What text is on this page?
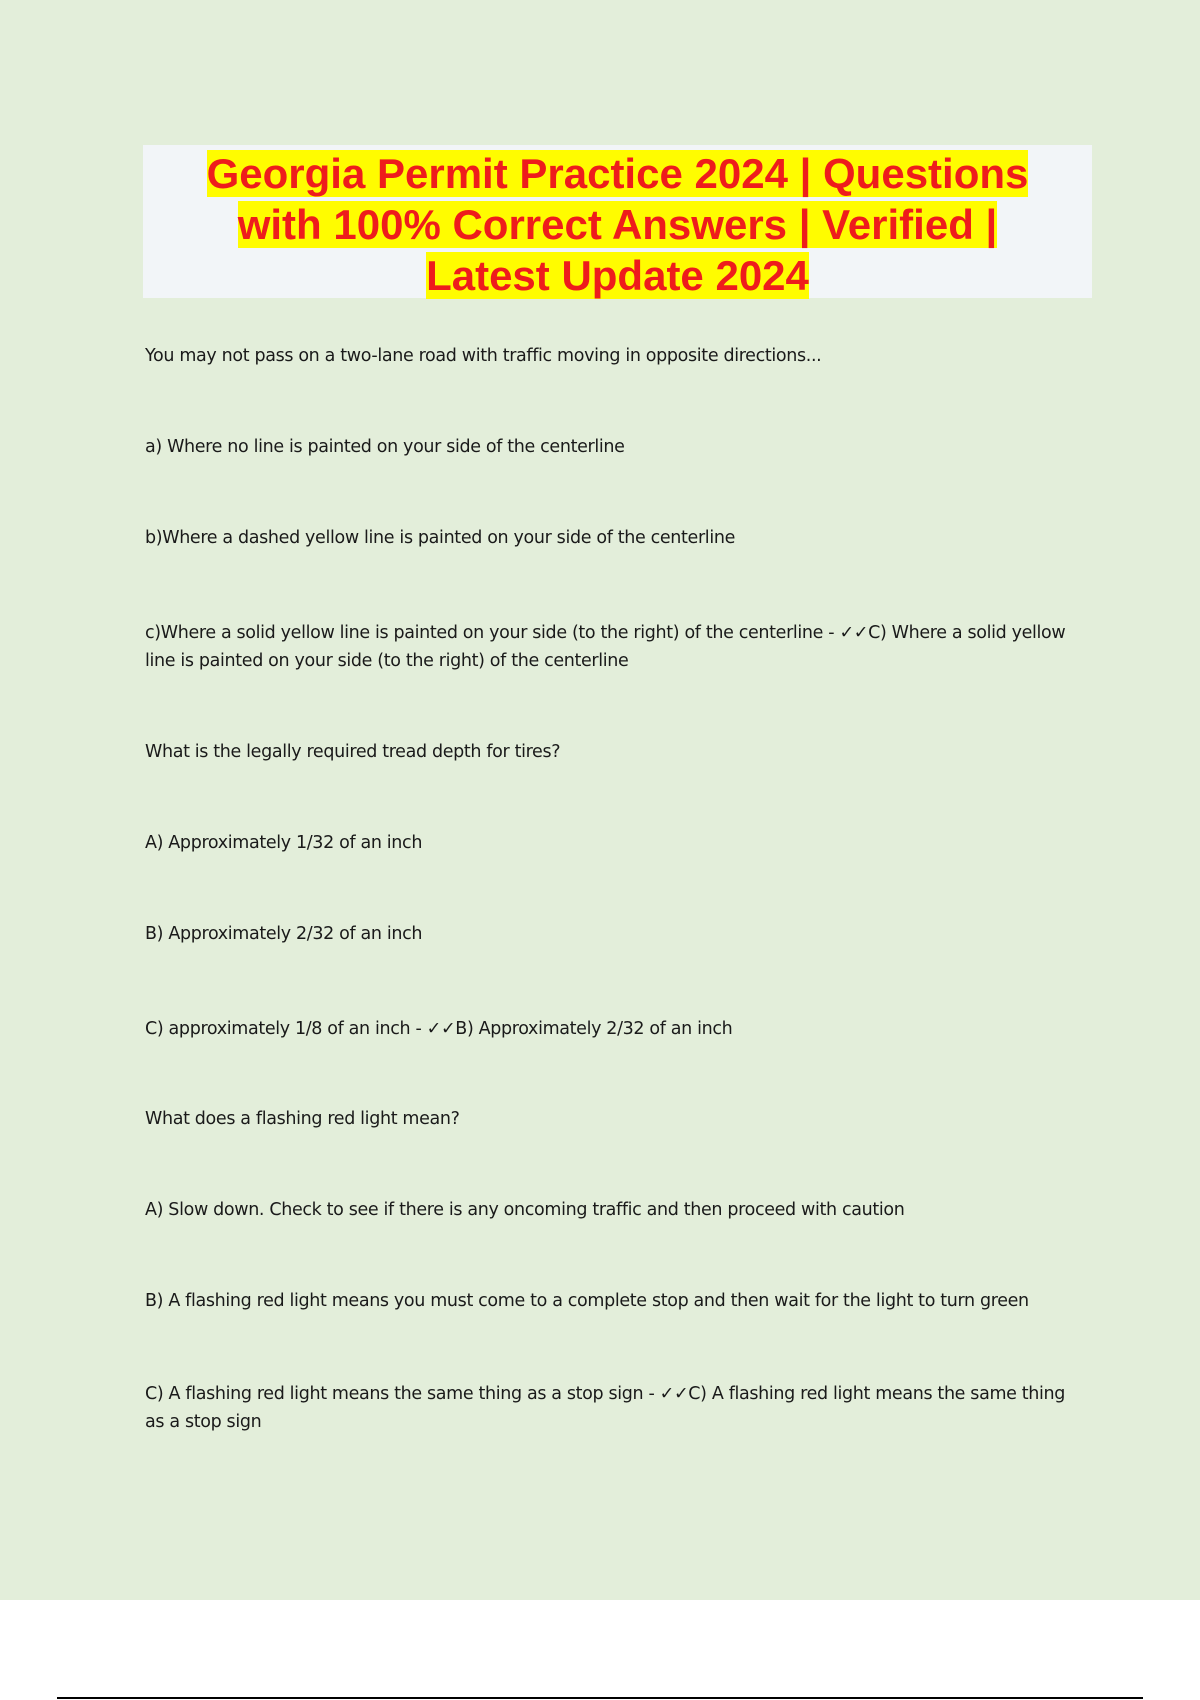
Georgia Permit Practice 2024 | Questions

with 100% Correct Answers | Verified |

Latest Update 2024

You may not pass on a two-lane road with traffic moving in opposite directions...

a) Where no line is painted on your side of the centerline

b)Where a dashed yellow line is painted on your side of the centerline

c)Where a solid yellow line is painted on your side (to the right) of the centerline - ✓✓C) Where a solid yellow line is painted on your side (to the right) of the centerline

What is the legally required tread depth for tires?

A) Approximately 1/32 of an inch

B) Approximately 2/32 of an inch

C) approximately 1/8 of an inch - ✓✓B) Approximately 2/32 of an inch

What does a flashing red light mean?

A) Slow down. Check to see if there is any oncoming traffic and then proceed with caution

B) A flashing red light means you must come to a complete stop and then wait for the light to turn green

C) A flashing red light means the same thing as a stop sign - ✓✓C) A flashing red light means the same thing as a stop sign
